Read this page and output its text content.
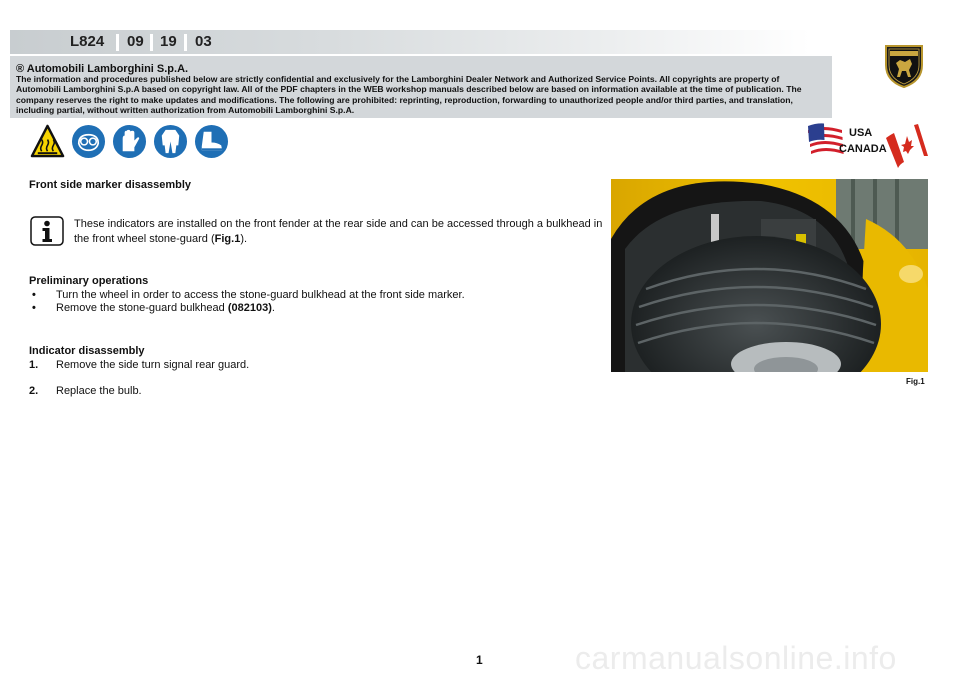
L824 09 19 03
® Automobili Lamborghini S.p.A.
The information and procedures published below are strictly confidential and exclusively for the Lamborghini Dealer Network and Authorized Service Points. All copyrights are property of Automobili Lamborghini S.p.A based on copyright law. All of the PDF chapters in the WEB workshop manuals described below are based on information available at the time of publication. The company reserves the right to make updates and modifications. The following are prohibited: reprinting, reproduction, forwarding to unauthorized people and/or third parties, and translation, including partial, without written authorization from Automobili Lamborghini S.p.A.
USA
CANADA
Front side marker disassembly
These indicators are installed on the front fender at the rear side and can be accessed through a bulkhead in the front wheel stone-guard (Fig.1).
Preliminary operations
• Turn the wheel in order to access the stone-guard bulkhead at the front side marker.
• Remove the stone-guard bulkhead (082103).
Indicator disassembly
1. Remove the side turn signal rear guard.
2. Replace the bulb.
Fig.1
1	carmanualsonline.info
